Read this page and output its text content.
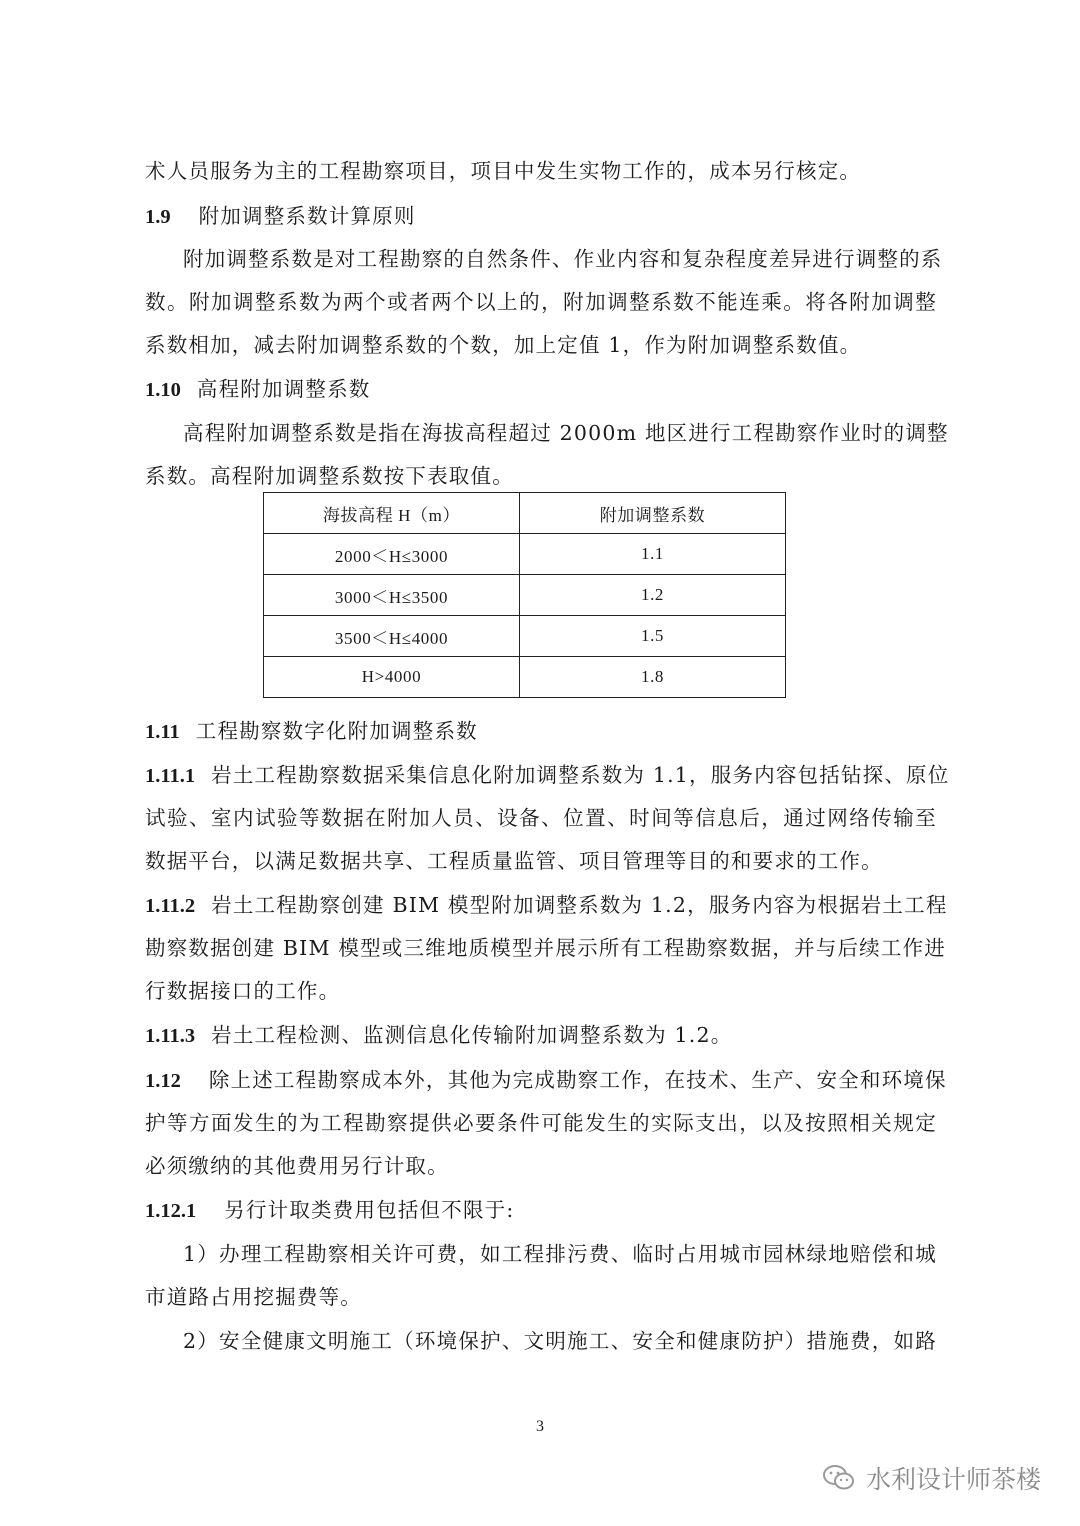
术人员服务为主的工程勘察项目，项目中发生实物工作的，成本另行核定。
1.9 附加调整系数计算原则
附加调整系数是对工程勘察的自然条件、作业内容和复杂程度差异进行调整的系
数。附加调整系数为两个或者两个以上的，附加调整系数不能连乘。将各附加调整
系数相加，减去附加调整系数的个数，加上定值 1，作为附加调整系数值。
1.10 高程附加调整系数
高程附加调整系数是指在海拔高程超过 2000m 地区进行工程勘察作业时的调整
系数。高程附加调整系数按下表取值。
海拔高程 H（m）	附加调整系数
2000＜H≤3000	1.1
3000＜H≤3500	1.2
3500＜H≤4000	1.5
H>4000	1.8
1.11 工程勘察数字化附加调整系数
1.11.1 岩土工程勘察数据采集信息化附加调整系数为 1.1，服务内容包括钻探、原位
试验、室内试验等数据在附加人员、设备、位置、时间等信息后，通过网络传输至
数据平台，以满足数据共享、工程质量监管、项目管理等目的和要求的工作。
1.11.2 岩土工程勘察创建 BIM 模型附加调整系数为 1.2，服务内容为根据岩土工程
勘察数据创建 BIM 模型或三维地质模型并展示所有工程勘察数据，并与后续工作进
行数据接口的工作。
1.11.3 岩土工程检测、监测信息化传输附加调整系数为 1.2。
1.12 除上述工程勘察成本外，其他为完成勘察工作，在技术、生产、安全和环境保
护等方面发生的为工程勘察提供必要条件可能发生的实际支出，以及按照相关规定
必须缴纳的其他费用另行计取。
1.12.1 另行计取类费用包括但不限于:
1）办理工程勘察相关许可费，如工程排污费、临时占用城市园林绿地赔偿和城
市道路占用挖掘费等。
2）安全健康文明施工（环境保护、文明施工、安全和健康防护）措施费，如路
3
水利设计师茶楼
